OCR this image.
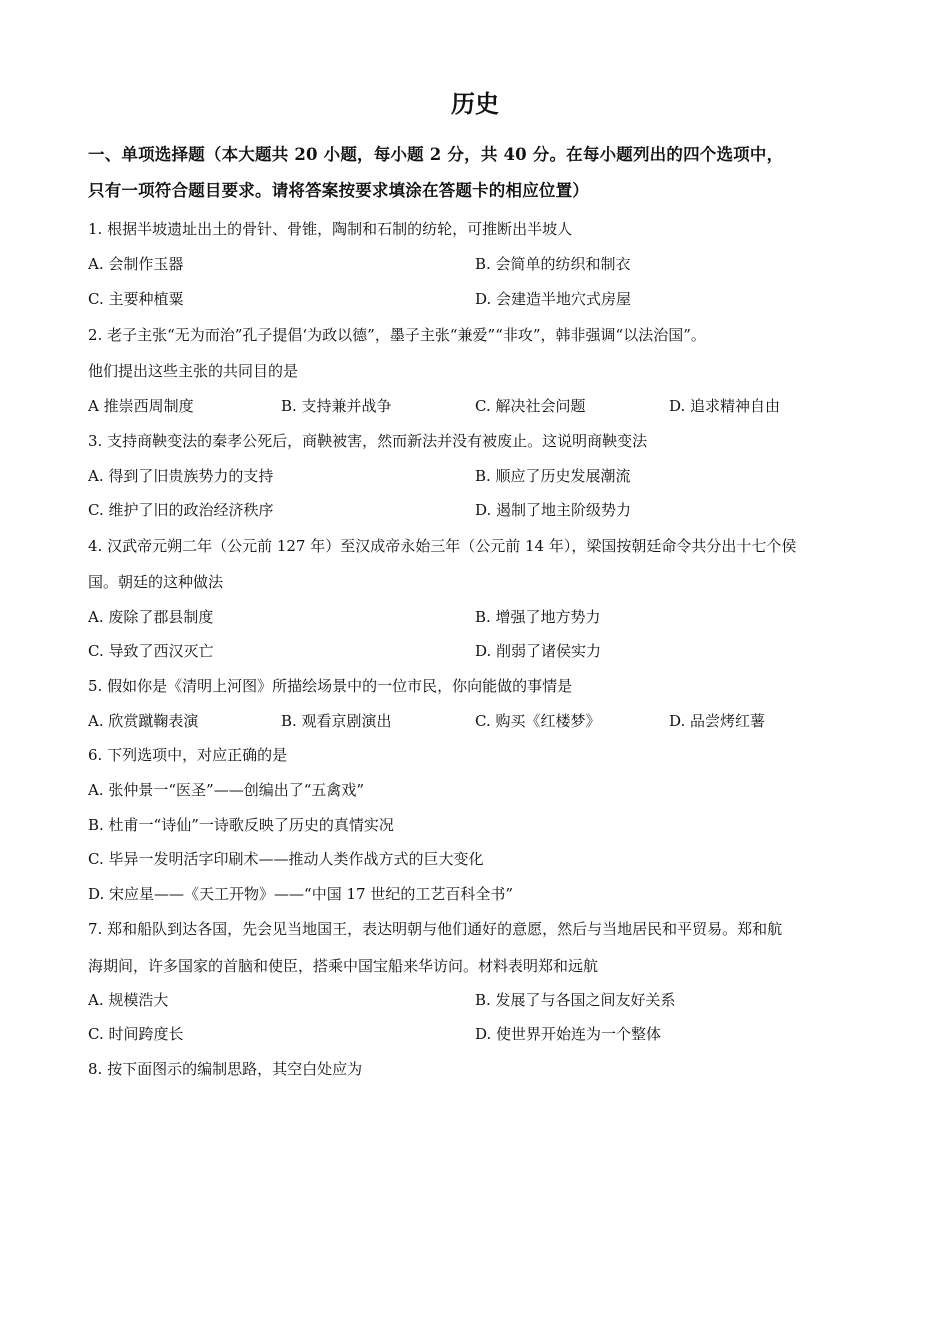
历史
一、单项选择题（本大题共 20 小题，每小题 2 分，共 40 分。在每小题列出的四个选项中，
只有一项符合题目要求。请将答案按要求填涂在答题卡的相应位置）
1. 根据半坡遗址出土的骨针、骨锥，陶制和石制的纺轮，可推断出半坡人
A. 会制作玉器	B. 会简单的纺织和制衣
C. 主要种植粟	D. 会建造半地穴式房屋
2. 老子主张“无为而治”孔子提倡‘为政以德”，墨子主张“兼爱”“非攻”，韩非强调“以法治国”。
他们提出这些主张的共同目的是
A 推崇西周制度	B. 支持兼并战争	C. 解决社会问题	D. 追求精神自由
3. 支持商鞅变法的秦孝公死后，商鞅被害，然而新法并没有被废止。这说明商鞅变法
A. 得到了旧贵族势力的支持	B. 顺应了历史发展潮流
C. 维护了旧的政治经济秩序	D. 遏制了地主阶级势力
4. 汉武帝元朔二年（公元前 127 年）至汉成帝永始三年（公元前 14 年），梁国按朝廷命令共分出十七个侯
国。朝廷的这种做法
A. 废除了郡县制度	B. 增强了地方势力
C. 导致了西汉灭亡	D. 削弱了诸侯实力
5. 假如你是《清明上河图》所描绘场景中的一位市民，你向能做的事情是
A. 欣赏蹴鞠表演	B. 观看京剧演出	C. 购买《红楼梦》	D. 品尝烤红薯
6. 下列选项中，对应正确的是
A. 张仲景一“医圣”——创编出了“五禽戏”
B. 杜甫一“诗仙”一诗歌反映了历史的真情实况
C. 毕异一发明活字印刷术——推动人类作战方式的巨大变化
D. 宋应星——《天工开物》——“中国 17 世纪的工艺百科全书”
7. 郑和船队到达各国，先会见当地国王，表达明朝与他们通好的意愿，然后与当地居民和平贸易。郑和航
海期间，许多国家的首脑和使臣，搭乘中国宝船来华访问。材料表明郑和远航
A. 规模浩大	B. 发展了与各国之间友好关系
C. 时间跨度长	D. 使世界开始连为一个整体
8. 按下面图示的编制思路，其空白处应为
